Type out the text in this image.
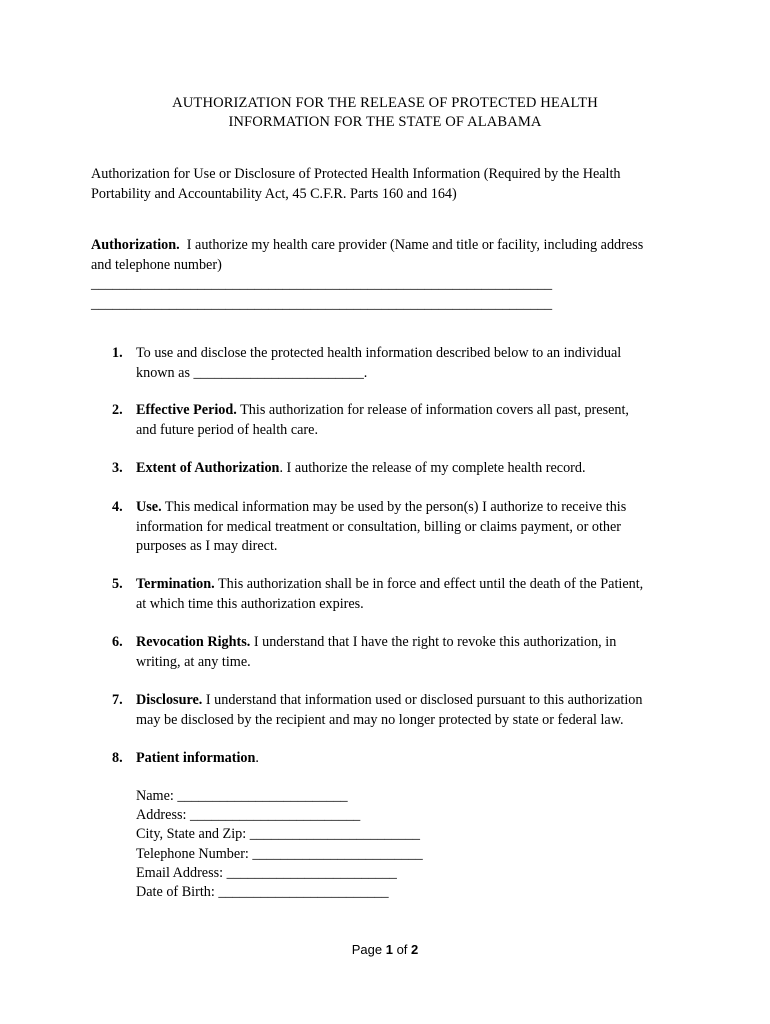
AUTHORIZATION FOR THE RELEASE OF PROTECTED HEALTH
INFORMATION FOR THE STATE OF ALABAMA
Authorization for Use or Disclosure of Protected Health Information (Required by the Health
Portability and Accountability Act, 45 C.F.R. Parts 160 and 164)
Authorization. I authorize my health care provider (Name and title or facility, including address
and telephone number)
_________________________________________________________________
_________________________________________________________________
1. To use and disclose the protected health information described below to an individual
known as ________________________.
2. Effective Period. This authorization for release of information covers all past, present,
and future period of health care.
3. Extent of Authorization. I authorize the release of my complete health record.
4. Use. This medical information may be used by the person(s) I authorize to receive this
information for medical treatment or consultation, billing or claims payment, or other
purposes as I may direct.
5. Termination. This authorization shall be in force and effect until the death of the Patient,
at which time this authorization expires.
6. Revocation Rights. I understand that I have the right to revoke this authorization, in
writing, at any time.
7. Disclosure. I understand that information used or disclosed pursuant to this authorization
may be disclosed by the recipient and may no longer protected by state or federal law.
8. Patient information.
Name: ________________________
Address: ________________________
City, State and Zip: ________________________
Telephone Number: ________________________
Email Address: ________________________
Date of Birth: ________________________
Page 1 of 2
